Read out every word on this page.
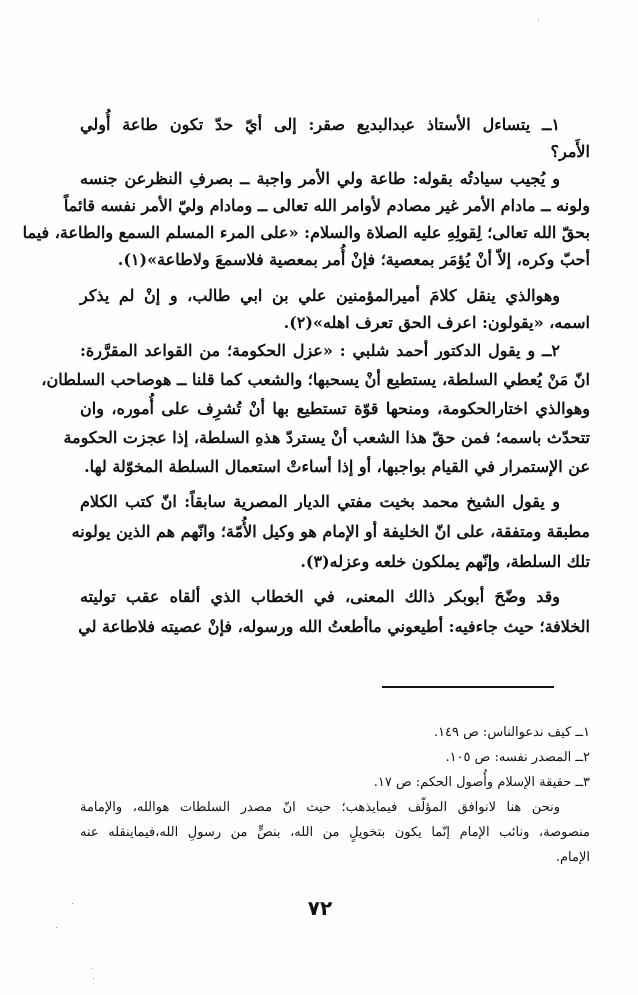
١ــ يتساءل الأستاذ عبدالبديع صقر: إلى أيّ حدّ تكون طاعة أُولي
الأَمر؟
و يُجيب سيادتُه بقوله: طاعة ولي الأمر واجبة ــ بصرفِ النظرعن جنسه
ولونه ــ مادام الأمر غير مصادم لأوامر الله تعالى ــ ومادام وليّ الأمر نفسه قائماً
بحقّ الله تعالى؛ لِقولِهِ عليه الصلاة والسلام: «على المرء المسلم السمع والطاعة، فيما
أحبّ وكره، إلاّ أنْ يُؤمَر بمعصية؛ فإنْ أُمر بمعصية فلاسمعَ ولاطاعة»(١).
وهوالذي ينقل كلامَ أميرالمؤمنين علي بن ابي طالب، و إنْ لم يذكر
اسمه، «يقولون: اعرف الحق تعرف اهله»(٢).
٢ــ و يقول الدكتور أحمد شلبي : «عزل الحكومة؛ من القواعد المقرَّرة:
انّ مَنْ يُعطي السلطة، يستطيع أنْ يسحبها؛ والشعب كما قلنا ــ هوصاحب السلطان،
وهوالذي اختارالحكومة، ومنحها قوّة تستطيع بها أنْ تُشرِف على أُموره، وان
تتحدّث باسمه؛ فمن حقّ هذا الشعب أنْ يستردّ هذهِ السلطة، إذا عجزت الحكومة
عن الإستمرار في القيام بواجبها، أو إذا أساءتْ استعمال السلطة المخوّلة لها.
و يقول الشيخ محمد بخيت مفتي الديار المصرية سابقاً: انّ كتب الكلام
مطبقة ومتفقة، على انّ الخليفة أو الإمام هو وكيل الأُمّة؛ وانّهم هم الذين يولونه
تلك السلطة، وإنّهم يملكون خلعه وعزله(٣).
وقد وضّحَ أبوبكر ذالك المعنى، في الخطاب الذي ألقاه عقب توليته
الخلافة؛ حيث جاءفيه: أطيعوني ماأطعتُ الله ورسوله، فإنْ عصيته فلاطاعة لي
١ــ كيف ندعوالناس: ص ١٤٩.
٢ــ المصدر نفسه: ص ١٠٥.
٣ــ حقيقة الإسلام وأُصول الحكم: ص ١٧.
ونحن هنا لانوافق المؤلّف فيمايذهب؛ حيث انّ مصدر السلطات هوالله، والإمامة
منصوصة، ونائب الإمام إنّما يكون بتخويلٍ من الله، بنصٍّ من رسولِ الله،فيماينقله عنه
الإمام.
٧٢
